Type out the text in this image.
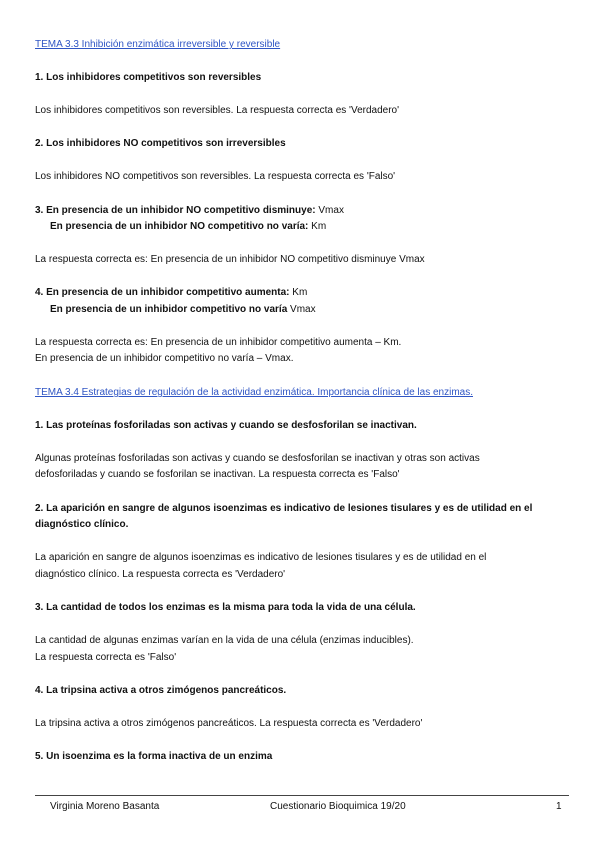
TEMA 3.3 Inhibición enzimática irreversible y reversible
1. Los inhibidores competitivos son reversibles
Los inhibidores competitivos son reversibles. La respuesta correcta es 'Verdadero'
2. Los inhibidores NO competitivos son irreversibles
Los inhibidores NO competitivos son reversibles. La respuesta correcta es 'Falso'
3. En presencia de un inhibidor NO competitivo disminuye: Vmax
En presencia de un inhibidor NO competitivo no varía: Km
La respuesta correcta es: En presencia de un inhibidor NO competitivo disminuye Vmax
4. En presencia de un inhibidor competitivo aumenta: Km
En presencia de un inhibidor competitivo no varía Vmax
La respuesta correcta es: En presencia de un inhibidor competitivo aumenta – Km.
En presencia de un inhibidor competitivo no varía – Vmax.
TEMA 3.4 Estrategias de regulación de la actividad enzimática. Importancia clínica de las enzimas.
1. Las proteínas fosforiladas son activas y cuando se desfosforilan se inactivan.
Algunas proteínas fosforiladas son activas y cuando se desfosforilan se inactivan y otras son activas
defosforiladas y cuando se fosforilan se inactivan. La respuesta correcta es 'Falso'
2. La aparición en sangre de algunos isoenzimas es indicativo de lesiones tisulares y es de utilidad en el
diagnóstico clínico.
La aparición en sangre de algunos isoenzimas es indicativo de lesiones tisulares y es de utilidad en el
diagnóstico clínico. La respuesta correcta es 'Verdadero'
3. La cantidad de todos los enzimas es la misma para toda la vida de una célula.
La cantidad de algunas enzimas varían en la vida de una célula (enzimas inducibles).
La respuesta correcta es 'Falso'
4. La tripsina activa a otros zimógenos pancreáticos.
La tripsina activa a otros zimógenos pancreáticos. La respuesta correcta es 'Verdadero'
5. Un isoenzima es la forma inactiva de un enzima
Virginia Moreno Basanta	Cuestionario Bioquimica 19/20	1
